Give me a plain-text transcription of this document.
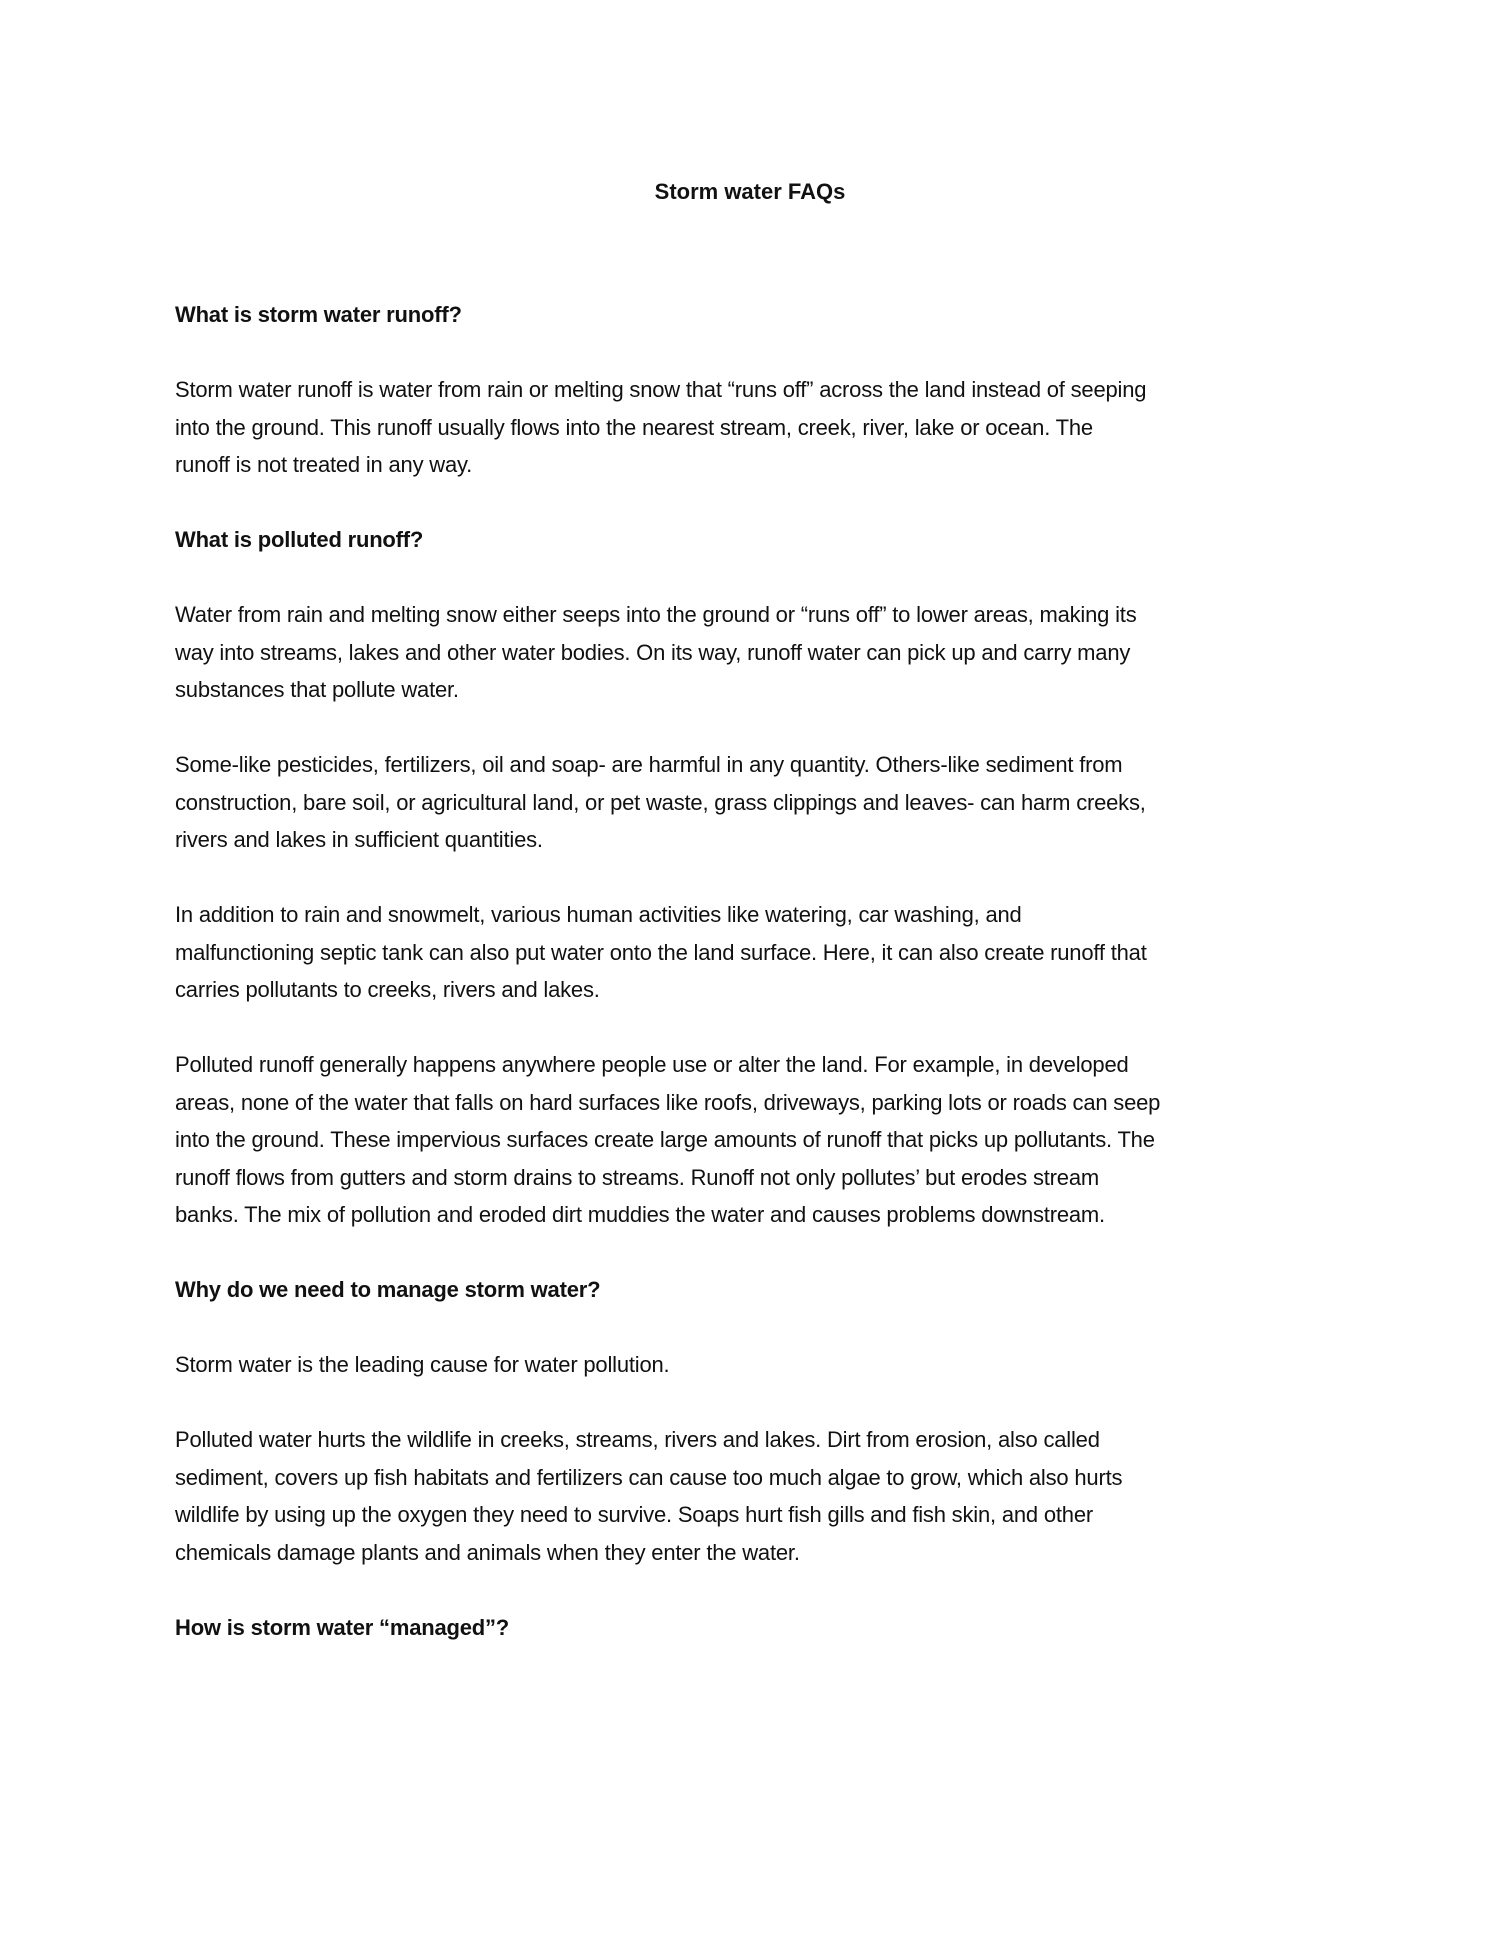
Storm water FAQs
What is storm water runoff?
Storm water runoff is water from rain or melting snow that “runs off” across the land instead of seeping
into the ground. This runoff usually flows into the nearest stream, creek, river, lake or ocean. The
runoff is not treated in any way.
What is polluted runoff?
Water from rain and melting snow either seeps into the ground or “runs off” to lower areas, making its
way into streams, lakes and other water bodies. On its way, runoff water can pick up and carry many
substances that pollute water.
Some-like pesticides, fertilizers, oil and soap- are harmful in any quantity. Others-like sediment from
construction, bare soil, or agricultural land, or pet waste, grass clippings and leaves- can harm creeks,
rivers and lakes in sufficient quantities.
In addition to rain and snowmelt, various human activities like watering, car washing, and
malfunctioning septic tank can also put water onto the land surface. Here, it can also create runoff that
carries pollutants to creeks, rivers and lakes.
Polluted runoff generally happens anywhere people use or alter the land. For example, in developed
areas, none of the water that falls on hard surfaces like roofs, driveways, parking lots or roads can seep
into the ground. These impervious surfaces create large amounts of runoff that picks up pollutants. The
runoff flows from gutters and storm drains to streams. Runoff not only pollutes’ but erodes stream
banks. The mix of pollution and eroded dirt muddies the water and causes problems downstream.
Why do we need to manage storm water?
Storm water is the leading cause for water pollution.
Polluted water hurts the wildlife in creeks, streams, rivers and lakes. Dirt from erosion, also called
sediment, covers up fish habitats and fertilizers can cause too much algae to grow, which also hurts
wildlife by using up the oxygen they need to survive. Soaps hurt fish gills and fish skin, and other
chemicals damage plants and animals when they enter the water.
How is storm water “managed”?
